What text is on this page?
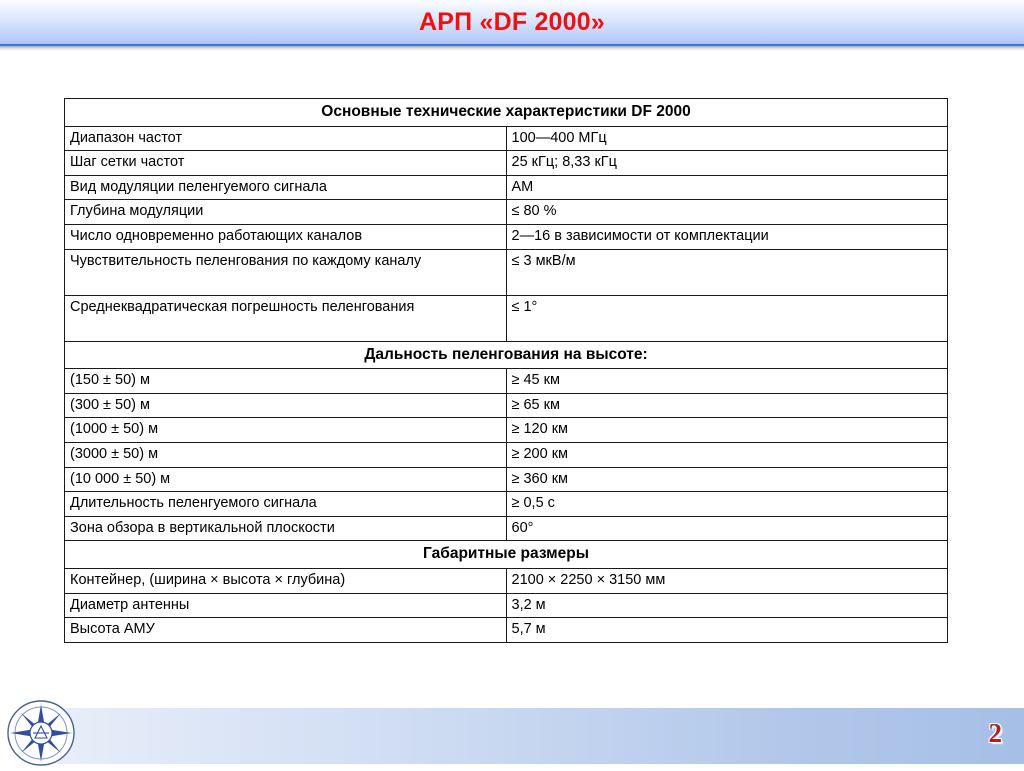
АРП «DF 2000»
Основные технические характеристики DF 2000	
Диапазон частот	100—400 МГц
Шаг сетки частот	25 кГц; 8,33 кГц
Вид модуляции пеленгуемого сигнала	АМ
Глубина модуляции	≤ 80 %
Число одновременно работающих каналов	2—16 в зависимости от комплектации
Чувствительность пеленгования по каждому каналу	≤ 3 мкВ/м
Среднеквадратическая погрешность пеленгования	≤ 1°
Дальность пеленгования на высоте:	
(150 ± 50) м	≥ 45 км
(300 ± 50) м	≥ 65 км
(1000 ± 50) м	≥ 120 км
(3000 ± 50) м	≥ 200 км
(10 000 ± 50) м	≥ 360 км
Длительность пеленгуемого сигнала	≥ 0,5 с
Зона обзора в вертикальной плоскости	60°
Габаритные размеры	
Контейнер, (ширина × высота × глубина)	2100 × 2250 × 3150 мм
Диаметр антенны	3,2 м
Высота АМУ	5,7 м
2
